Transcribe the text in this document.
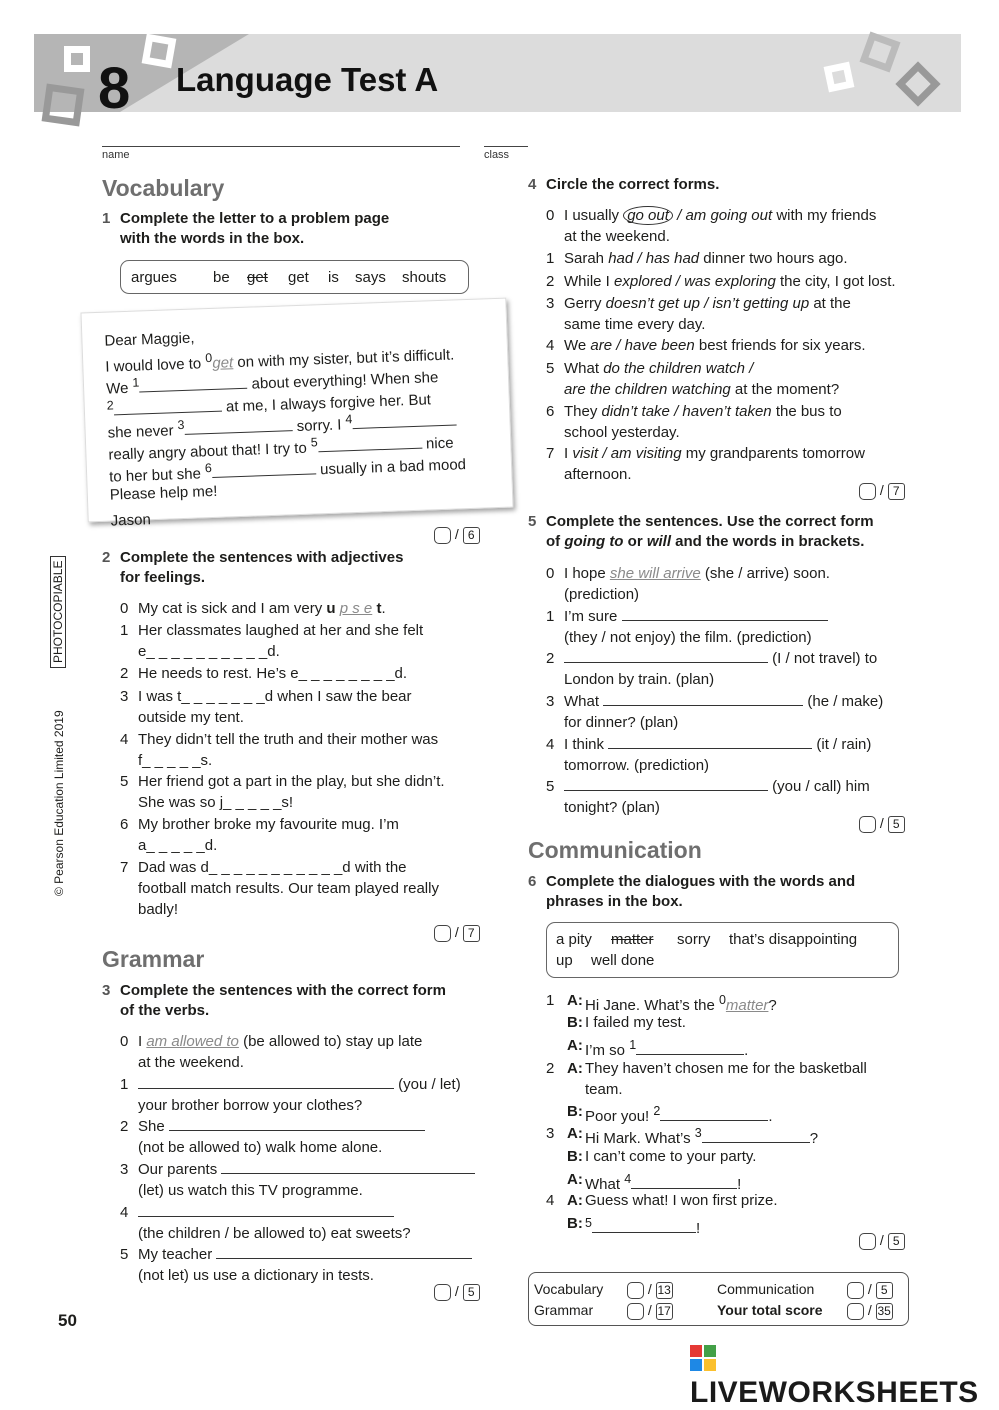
8 Language Test A
name	class
© Pearson Education Limited 2019
PHOTOCOPIABLE
Vocabulary
1 Complete the letter to a problem page
with the words in the box.
argues be get get is says shouts
Dear Maggie,
I would love to $^0$get on with my sister, but it’s difficult.
We $^1$	about everything! When she
$^2$	at me, I always forgive her. But
she never $^3$	sorry. I $^4$
really angry about that! I try to $^5$	nice
to her but she $^6$	usually in a bad mood
Please help me!
Jason
/ 6
2 Complete the sentences with adjectives
for feelings.
0 My cat is sick and I am very u p s e t.
1 Her classmates laughed at her and she felt
e_ _ _ _ _ _ _ _ _ _d.
2 He needs to rest. He’s e_ _ _ _ _ _ _ _d.
3 I was t_ _ _ _ _ _ _d when I saw the bear
outside my tent.
4 They didn’t tell the truth and their mother was
f_ _ _ _ _s.
5 Her friend got a part in the play, but she didn’t.
She was so j_ _ _ _ _s!
6 My brother broke my favourite mug. I’m
a_ _ _ _ _d.
7 Dad was d_ _ _ _ _ _ _ _ _ _ _d with the
football match results. Our team played really
badly!
/ 7
Grammar
3 Complete the sentences with the correct form
of the verbs.
0 I am allowed to (be allowed to) stay up late
at the weekend.
1	(you / let)
your brother borrow your clothes?
2 She
(not be allowed to) walk home alone.
3 Our parents
(let) us watch this TV programme.
4
(the children / be allowed to) eat sweets?
5 My teacher
(not let) us use a dictionary in tests.
/ 5
50
4 Circle the correct forms.
0 I usually go out / am going out with my friends
at the weekend.
1 Sarah had / has had dinner two hours ago.
2 While I explored / was exploring the city, I got lost.
3 Gerry doesn’t get up / isn’t getting up at the
same time every day.
4 We are / have been best friends for six years.
5 What do the children watch /
are the children watching at the moment?
6 They didn’t take / haven’t taken the bus to
school yesterday.
7 I visit / am visiting my grandparents tomorrow
afternoon.
/ 7
5 Complete the sentences. Use the correct form
of going to or will and the words in brackets.
0 I hope she will arrive (she / arrive) soon.
(prediction)
1 I’m sure
(they / not enjoy) the film. (prediction)
2	(I / not travel) to
London by train. (plan)
3 What	(he / make)
for dinner? (plan)
4 I think	(it / rain)
tomorrow. (prediction)
5	(you / call) him
tonight? (plan)
/ 5
Communication
6 Complete the dialogues with the words and
phrases in the box.
a pity matter sorry that’s disappointing
up well done
1 A: Hi Jane. What’s the $^0$matter?
B: I failed my test.
A: I’m so $^1$	.
2 A: They haven’t chosen me for the basketball
team.
B: Poor you! $^2$	.
3 A: Hi Mark. What’s $^3$	?
B: I can’t come to your party.
A: What $^4$	!
4 A: Guess what! I won first prize.
B: $^5$	!
/ 5
Vocabulary	/ 13
Grammar	/ 17
Communication	/ 5
Your total score	/ 35
LIVEWORKSHEETS
